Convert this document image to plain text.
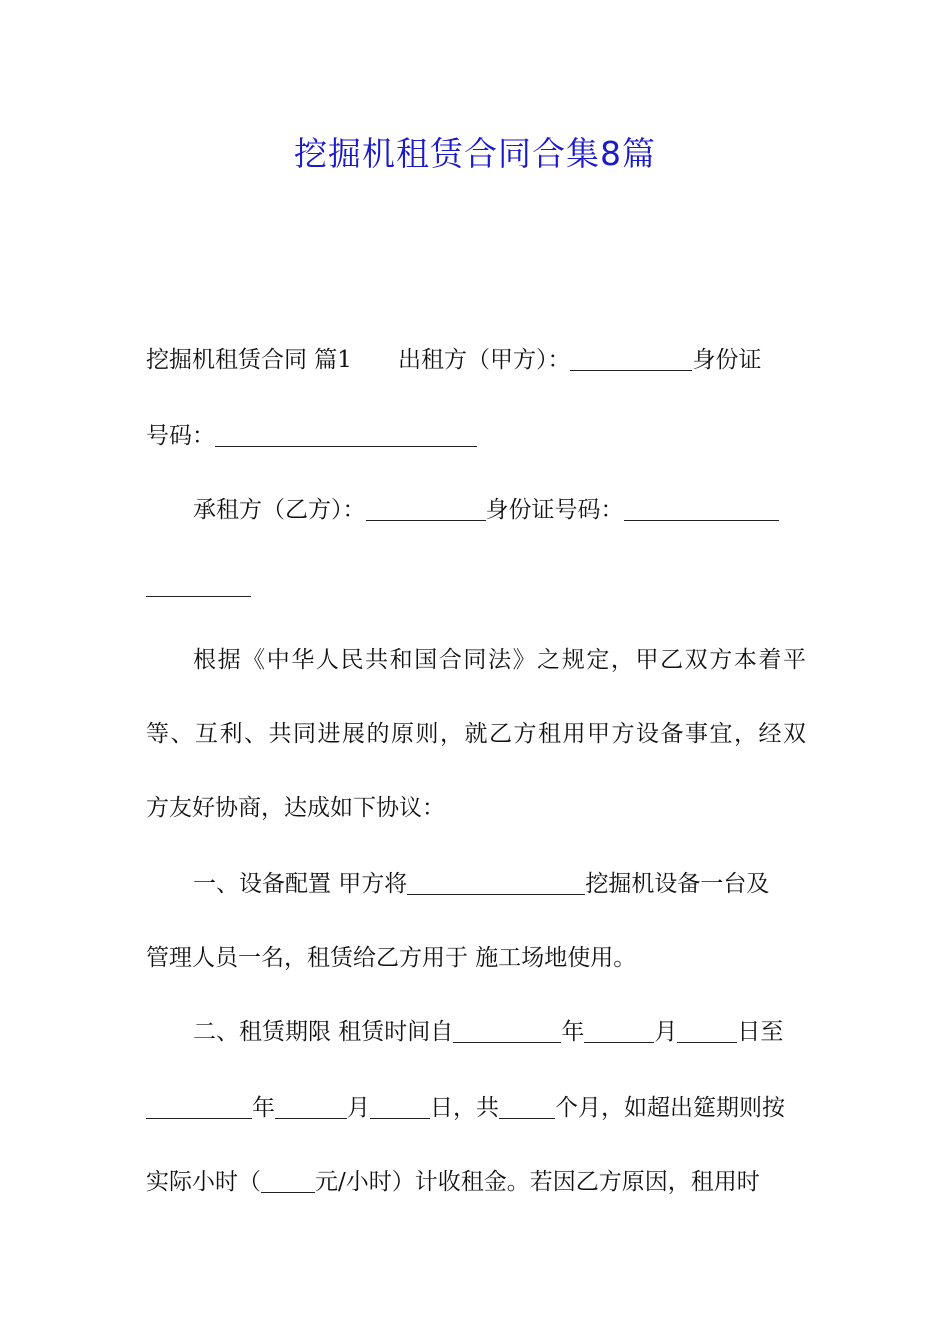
挖掘机租赁合同合集8篇
挖掘机租赁合同 篇1 出租方（甲方）：	身份证
号码：
承租方（乙方）：	身份证号码：
根据《中华人民共和国合同法》之规定，甲乙双方本着平
等、互利、共同进展的原则，就乙方租用甲方设备事宜，经双
方友好协商，达成如下协议：
一、设备配置 甲方将	挖掘机设备一台及
管理人员一名，租赁给乙方用于 施工场地使用。
二、租赁期限 租赁时间自	年	月	日至
年	月	日，共 个月，如超出筵期则按
实际小时（ 元/小时）计收租金。若因乙方原因，租用时
